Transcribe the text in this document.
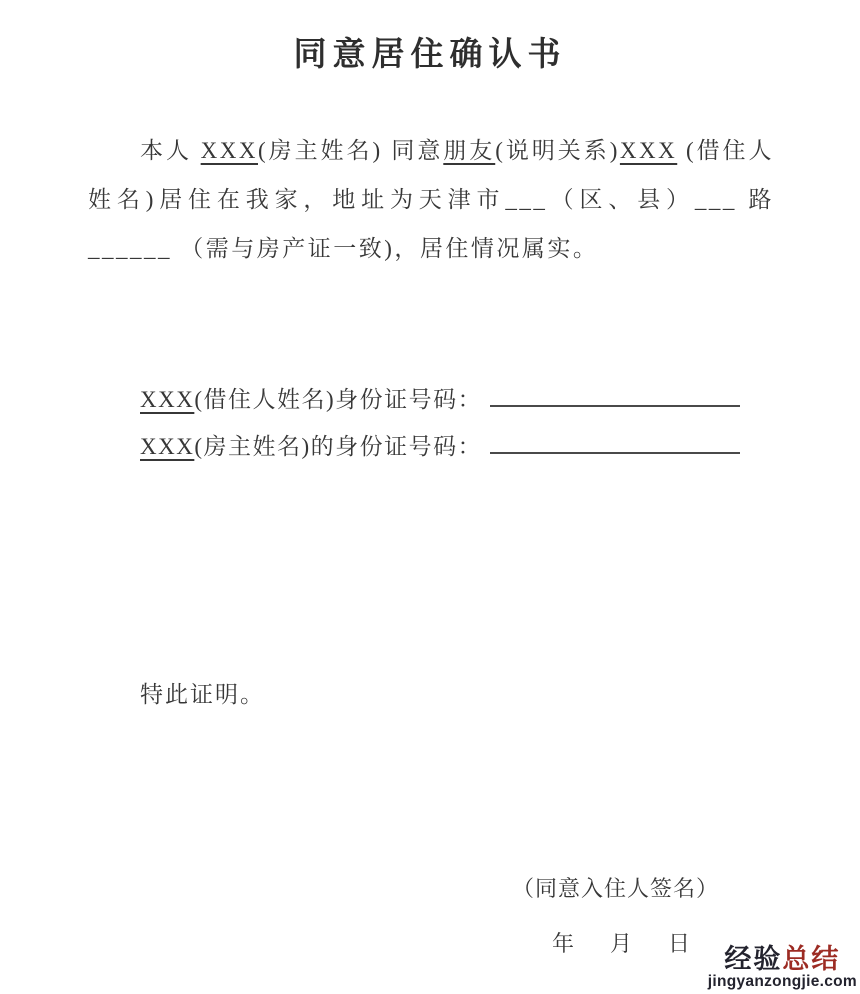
同意居住确认书
本人 XXX(房主姓名) 同意朋友(说明关系)XXX (借住人姓名)居住在我家，地址为天津市___（区、县）___ 路______ （需与房产证一致)，居住情况属实。
XXX(借住人姓名)身份证号码：
XXX(房主姓名)的身份证号码：
特此证明。
（同意入住人签名）
年 月 日
经验总结
jingyanzongjie.com
